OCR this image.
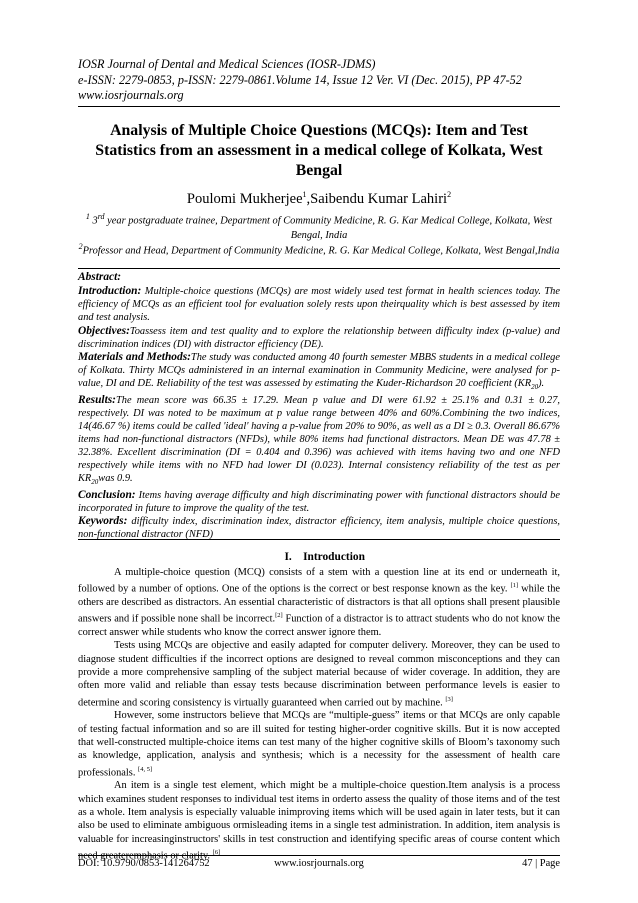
IOSR Journal of Dental and Medical Sciences (IOSR-JDMS)
e-ISSN: 2279-0853, p-ISSN: 2279-0861.Volume 14, Issue 12 Ver. VI (Dec. 2015), PP 47-52
www.iosrjournals.org
Analysis of Multiple Choice Questions (MCQs): Item and Test Statistics from an assessment in a medical college of Kolkata, West Bengal
Poulomi Mukherjee$^1$,Saibendu Kumar Lahiri$^2$
$^1$ 3rd year postgraduate trainee, Department of Community Medicine, R. G. Kar Medical College, Kolkata, West Bengal, India
$^2$Professor and Head, Department of Community Medicine, R. G. Kar Medical College, Kolkata, West Bengal,India

Abstract:

Introduction: Multiple-choice questions (MCQs) are most widely used test format in health sciences today. The efficiency of MCQs as an efficient tool for evaluation solely rests upon theirquality which is best assessed by item and test analysis.

Objectives:Toassess item and test quality and to explore the relationship between difficulty index (p-value) and discrimination indices (DI) with distractor efficiency (DE).

Materials and Methods:The study was conducted among 40 fourth semester MBBS students in a medical college of Kolkata. Thirty MCQs administered in an internal examination in Community Medicine, were analysed for p-value, DI and DE. Reliability of the test was assessed by estimating the Kuder-Richardson 20 coefficient $(KR_{20})$.

Results:The mean score was 66.35 ± 17.29. Mean p value and DI were 61.92 ± 25.1% and 0.31 ± 0.27, respectively. DI was noted to be maximum at p value range between 40% and 60%.Combining the two indices, 14(46.67 %) items could be called 'ideal' having a p-value from 20% to 90%, as well as a DI ≥ 0.3. Overall 86.67% items had non-functional distractors (NFDs), while 80% items had functional distractors. Mean DE was 47.78 ± 32.38%. Excellent discrimination (DI = 0.404 and 0.396) was achieved with items having two and one NFD respectively while items with no NFD had lower DI (0.023). Internal consistency reliability of the test as per $KR_{20}was$ 0.9.

Conclusion: Items having average difficulty and high discriminating power with functional distractors should be incorporated in future to improve the quality of the test.

Keywords: difficulty index, discrimination index, distractor efficiency, item analysis, multiple choice questions, non-functional distractor (NFD)

I. Introduction

A multiple-choice question (MCQ) consists of a stem with a question line at its end or underneath it, followed by a number of options. One of the options is the correct or best response known as the key. [1] while the others are described as distractors. An essential characteristic of distractors is that all options shall present plausible answers and if possible none shall be incorrect.[2] Function of a distractor is to attract students who do not know the correct answer while students who know the correct answer ignore them.

Tests using MCQs are objective and easily adapted for computer delivery. Moreover, they can be used to diagnose student difficulties if the incorrect options are designed to reveal common misconceptions and they can provide a more comprehensive sampling of the subject material because of wider coverage. In addition, they are often more valid and reliable than essay tests because discrimination between performance levels is easier to determine and scoring consistency is virtually guaranteed when carried out by machine. [3]

However, some instructors believe that MCQs are “multiple-guess” items or that MCQs are only capable of testing factual information and so are ill suited for testing higher-order cognitive skills. But it is now accepted that well-constructed multiple-choice items can test many of the higher cognitive skills of Bloom’s taxonomy such as knowledge, application, analysis and synthesis; which is a necessity for the assessment of health care professionals. [4, 5]

An item is a single test element, which might be a multiple-choice question.Item analysis is a process which examines student responses to individual test items in orderto assess the quality of those items and of the test as a whole. Item analysis is especially valuable inimproving items which will be used again in later tests, but it can also be used to eliminate ambiguous ormisleading items in a single test administration. In addition, item analysis is valuable for increasinginstructors' skills in test construction and identifying specific areas of course content which need greateremphasis or clarity. [6]

DOI: 10.9790/0853-141264752	www.iosrjournals.org	47 | Page
